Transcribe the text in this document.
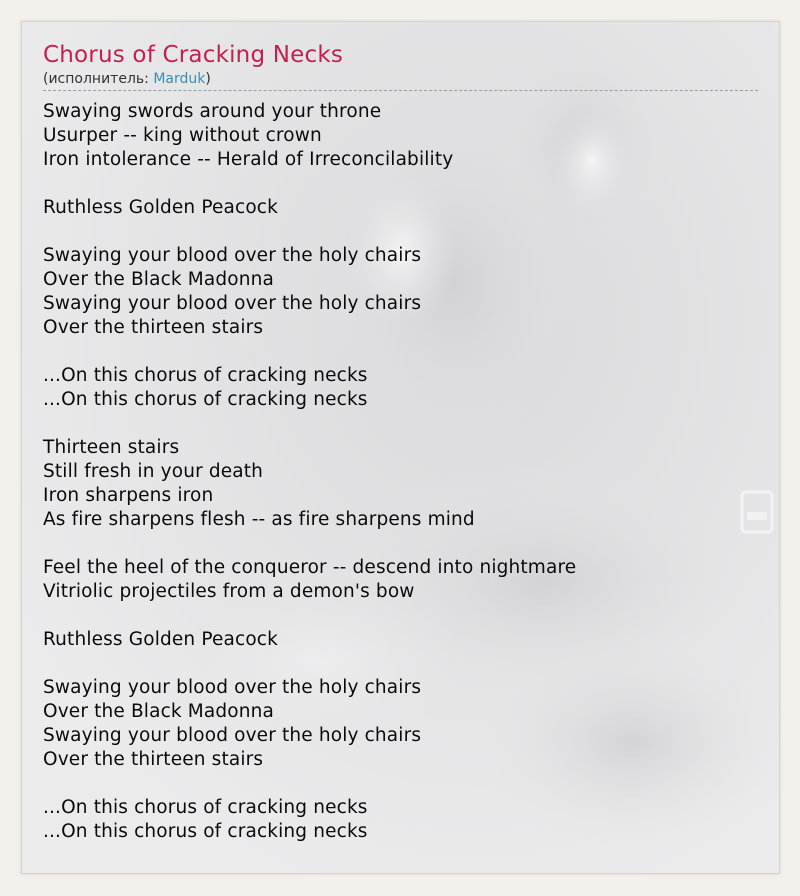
Chorus of Cracking Necks

(исполнитель: Marduk)

Swaying swords around your throne
Usurper -- king without crown
Iron intolerance -- Herald of Irreconcilability
Ruthless Golden Peacock
Swaying your blood over the holy chairs
Over the Black Madonna
Swaying your blood over the holy chairs
Over the thirteen stairs
...On this chorus of cracking necks
...On this chorus of cracking necks
Thirteen stairs
Still fresh in your death
Iron sharpens iron
As fire sharpens flesh -- as fire sharpens mind
Feel the heel of the conqueror -- descend into nightmare
Vitriolic projectiles from a demon's bow
Ruthless Golden Peacock
Swaying your blood over the holy chairs
Over the Black Madonna
Swaying your blood over the holy chairs
Over the thirteen stairs
...On this chorus of cracking necks
...On this chorus of cracking necks
